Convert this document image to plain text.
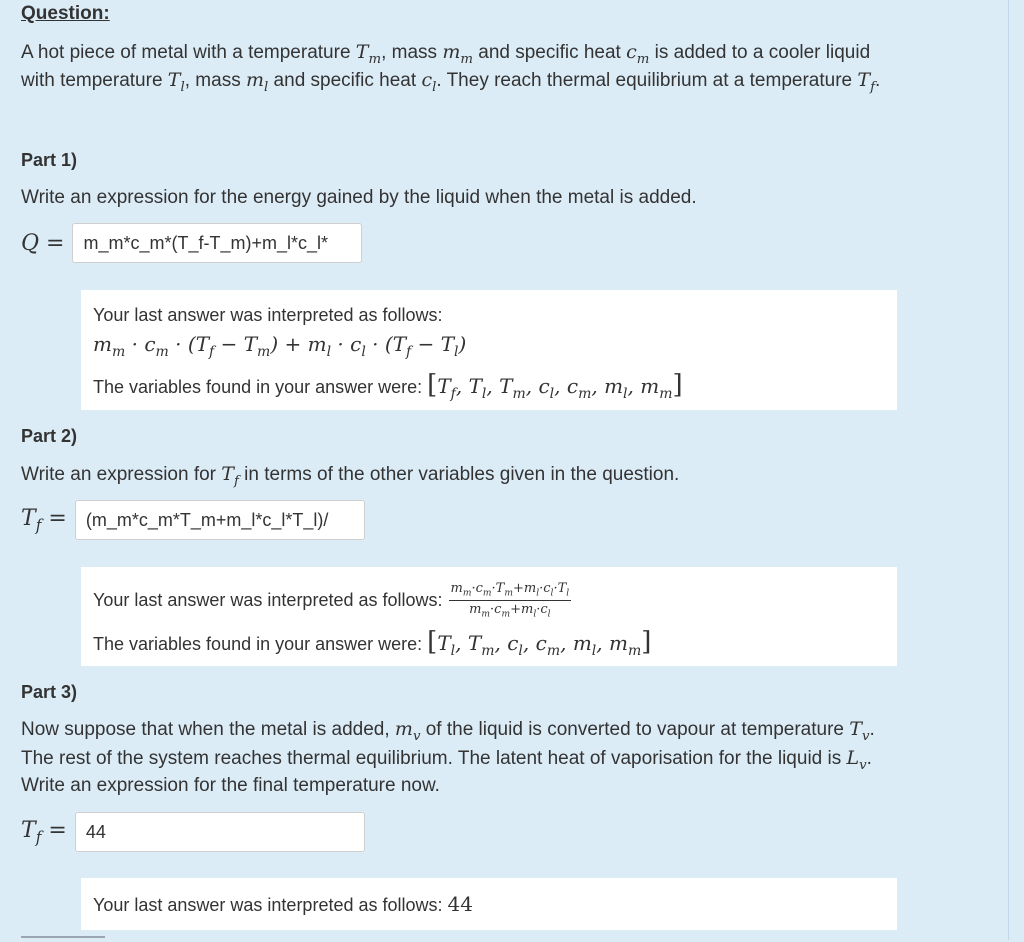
Question:
A hot piece of metal with a temperature $T_m$, mass $m_m$ and specific heat $c_m$ is added to a cooler liquid
with temperature $T_l$, mass $m_l$ and specific heat $c_l$. They reach thermal equilibrium at a temperature $T_f$.
Part 1)
Write an expression for the energy gained by the liquid when the metal is added.
Q =	m_m*c_m*(T_f-T_m)+m_l*c_l*
Your last answer was interpreted as follows:
$m_m \cdot c_m \cdot (T_f - T_m) + m_l \cdot c_l \cdot (T_f - T_l)$
The variables found in your answer were: [$T_f$, $T_l$, $T_m$, $c_l$, $c_m$, $m_l$, $m_m$]
Part 2)
Write an expression for $T_f$ in terms of the other variables given in the question.
$T_f$ =	(m_m*c_m*T_m+m_l*c_l*T_l)/
Your last answer was interpreted as follows: $\frac{m_m\cdot c_m\cdot T_m+m_l\cdot c_l\cdot T_l}{m_m\cdot c_m+m_l\cdot c_l}$
The variables found in your answer were: [$T_l$, $T_m$, $c_l$, $c_m$, $m_l$, $m_m$]
Part 3)
Now suppose that when the metal is added, $m_v$ of the liquid is converted to vapour at temperature $T_v$.
The rest of the system reaches thermal equilibrium. The latent heat of vaporisation for the liquid is $L_v$.
Write an expression for the final temperature now.
$T_f$ =	44
Your last answer was interpreted as follows: 44
